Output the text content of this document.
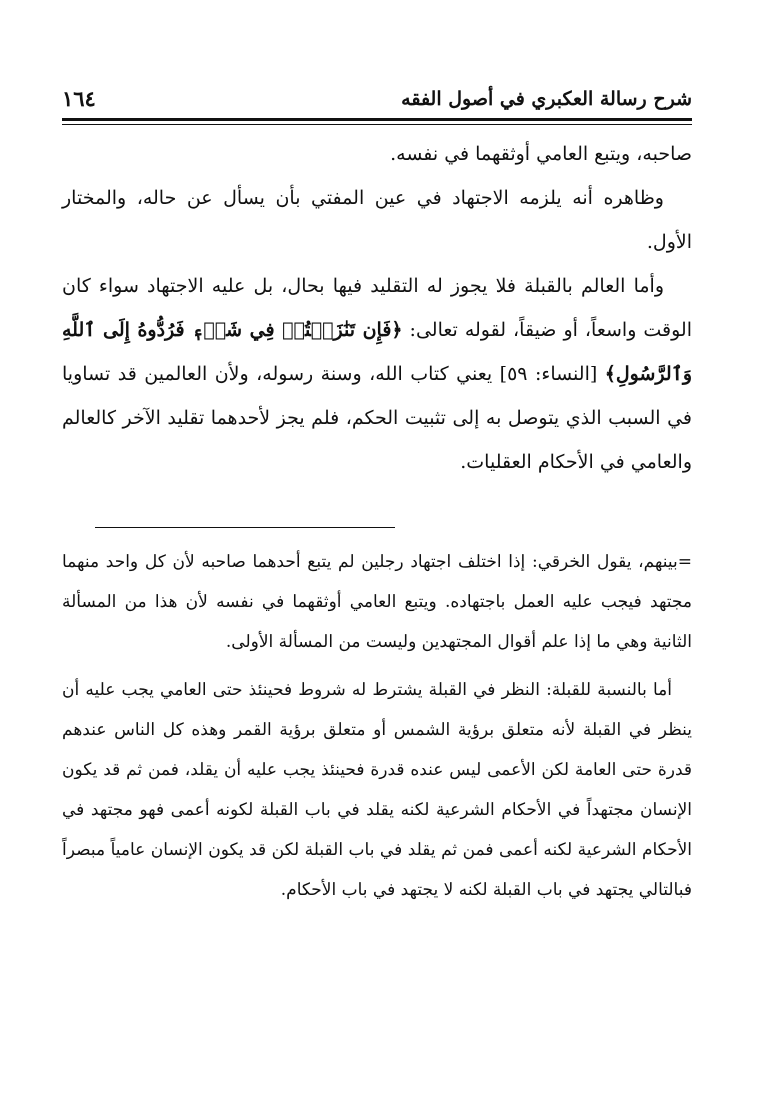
شرح رسالة العكبري في أصول الفقه
١٦٤

صاحبه، ويتبع العامي أوثقهما في نفسه.

وظاهره أنه يلزمه الاجتهاد في عين المفتي بأن يسأل عن حاله، والمختار الأول.

وأما العالم بالقبلة فلا يجوز له التقليد فيها بحال، بل عليه الاجتهاد سواء كان الوقت واسعاً، أو ضيقاً، لقوله تعالى: ﴿فَإِن تَنَٰزَعۡتُمۡ فِي شَيۡءٖ فَرُدُّوهُ إِلَى ٱللَّهِ وَٱلرَّسُولِ﴾ [النساء: ٥٩] يعني كتاب الله، وسنة رسوله، ولأن العالمين قد تساويا في السبب الذي يتوصل به إلى تثبيت الحكم، فلم يجز لأحدهما تقليد الآخر كالعالم والعامي في الأحكام العقليات.

=بينهم، يقول الخرقي: إذا اختلف اجتهاد رجلين لم يتبع أحدهما صاحبه لأن كل واحد منهما مجتهد فيجب عليه العمل باجتهاده. ويتبع العامي أوثقهما في نفسه لأن هذا من المسألة الثانية وهي ما إذا علم أقوال المجتهدين وليست من المسألة الأولى.

أما بالنسبة للقبلة: النظر في القبلة يشترط له شروط فحينئذ حتى العامي يجب عليه أن ينظر في القبلة لأنه متعلق برؤية الشمس أو متعلق برؤية القمر وهذه كل الناس عندهم قدرة حتى العامة لكن الأعمى ليس عنده قدرة فحينئذ يجب عليه أن يقلد، فمن ثم قد يكون الإنسان مجتهداً في الأحكام الشرعية لكنه يقلد في باب القبلة لكونه أعمى فهو مجتهد في الأحكام الشرعية لكنه أعمى فمن ثم يقلد في باب القبلة لكن قد يكون الإنسان عامياً مبصراً فبالتالي يجتهد في باب القبلة لكنه لا يجتهد في باب الأحكام.
